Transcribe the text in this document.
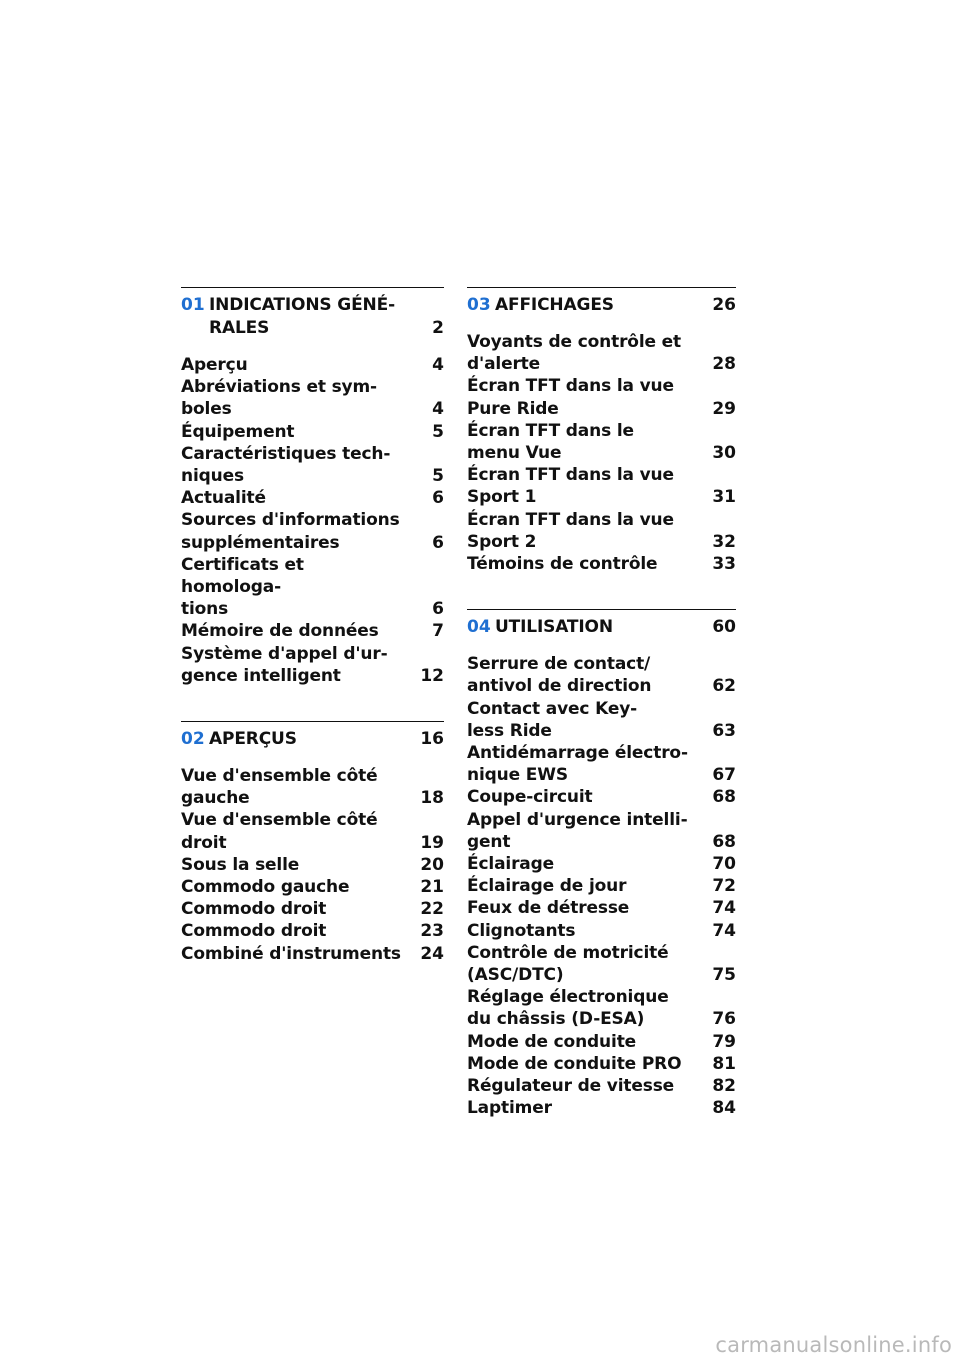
01 INDICATIONS GÉNÉ-
RALES	2
Aperçu	4
Abréviations et sym-
boles	4
Équipement	5
Caractéristiques tech-
niques	5
Actualité	6
Sources d'informations
supplémentaires	6
Certificats et homologa-
tions	6
Mémoire de données	7
Système d'appel d'ur-
gence intelligent	12
02 APERÇUS	16
Vue d'ensemble côté
gauche	18
Vue d'ensemble côté
droit	19
Sous la selle	20
Commodo gauche	21
Commodo droit	22
Commodo droit	23
Combiné d'instruments	24
03 AFFICHAGES	26
Voyants de contrôle et
d'alerte	28
Écran TFT dans la vue
Pure Ride	29
Écran TFT dans le
menu Vue	30
Écran TFT dans la vue
Sport 1	31
Écran TFT dans la vue
Sport 2	32
Témoins de contrôle	33
04 UTILISATION	60
Serrure de contact/
antivol de direction	62
Contact avec Key-
less Ride	63
Antidémarrage électro-
nique EWS	67
Coupe-circuit	68
Appel d'urgence intelli-
gent	68
Éclairage	70
Éclairage de jour	72
Feux de détresse	74
Clignotants	74
Contrôle de motricité
(ASC/DTC)	75
Réglage électronique
du châssis (D-ESA)	76
Mode de conduite	79
Mode de conduite PRO	81
Régulateur de vitesse	82
Laptimer	84
carmanualsonline.info
